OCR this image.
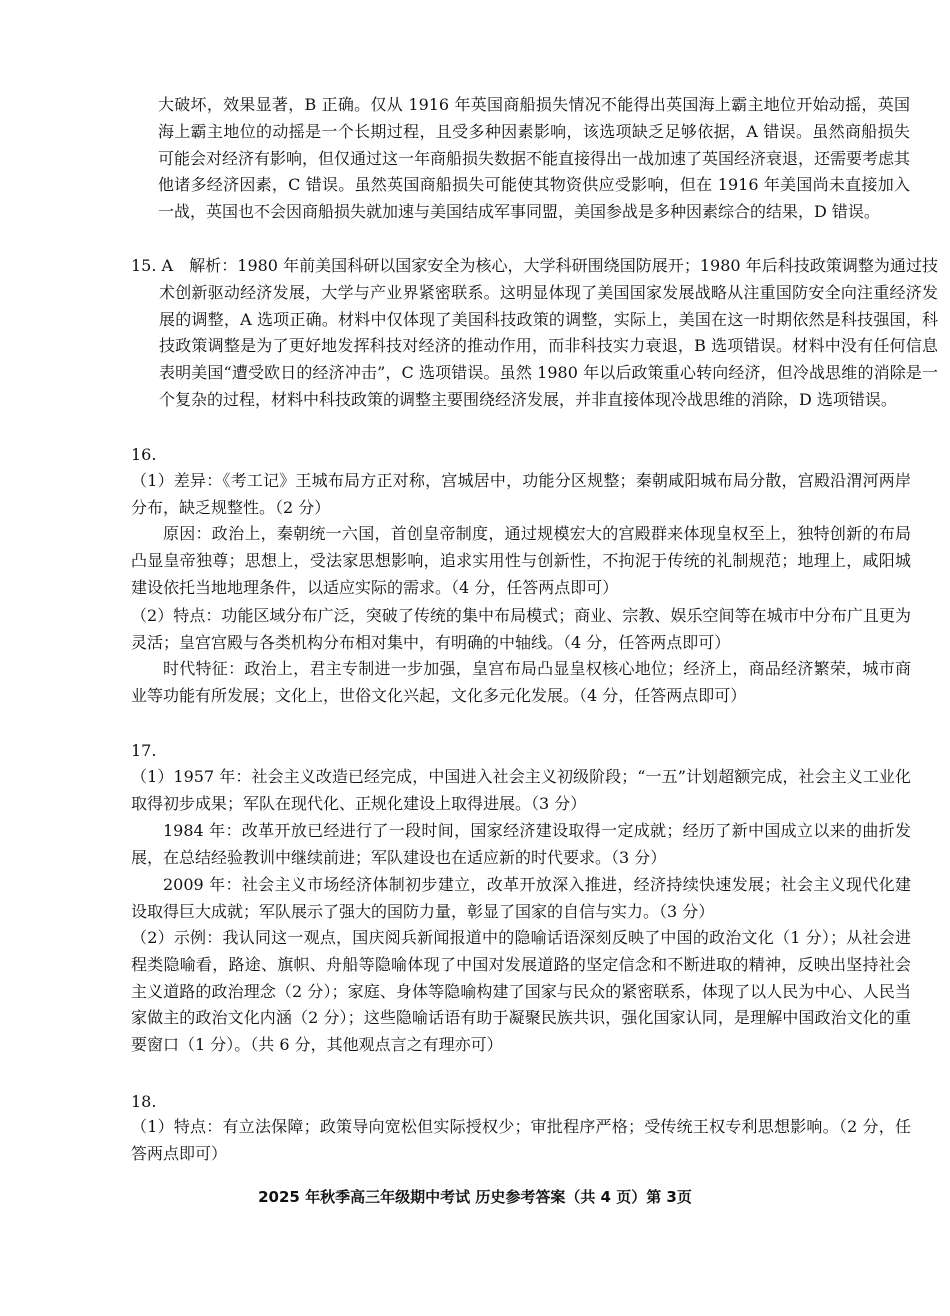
大破坏，效果显著，B 正确。仅从 1916 年英国商船损失情况不能得出英国海上霸主地位开始动摇，英国海上霸主地位的动摇是一个长期过程，且受多种因素影响，该选项缺乏足够依据，A 错误。虽然商船损失可能会对经济有影响，但仅通过这一年商船损失数据不能直接得出一战加速了英国经济衰退，还需要考虑其他诸多经济因素，C 错误。虽然英国商船损失可能使其物资供应受影响，但在 1916 年美国尚未直接加入一战，英国也不会因商船损失就加速与美国结成军事同盟，美国参战是多种因素综合的结果，D 错误。
15. A　解析：1980 年前美国科研以国家安全为核心，大学科研围绕国防展开；1980 年后科技政策调整为通过技术创新驱动经济发展，大学与产业界紧密联系。这明显体现了美国国家发展战略从注重国防安全向注重经济发展的调整，A 选项正确。材料中仅体现了美国科技政策的调整，实际上，美国在这一时期依然是科技强国，科技政策调整是为了更好地发挥科技对经济的推动作用，而非科技实力衰退，B 选项错误。材料中没有任何信息表明美国“遭受欧日的经济冲击”，C 选项错误。虽然 1980 年以后政策重心转向经济，但冷战思维的消除是一个复杂的过程，材料中科技政策的调整主要围绕经济发展，并非直接体现冷战思维的消除，D 选项错误。
16.
（1）差异：《考工记》王城布局方正对称，宫城居中，功能分区规整；秦朝咸阳城布局分散，宫殿沿渭河两岸分布，缺乏规整性。（2 分）
原因：政治上，秦朝统一六国，首创皇帝制度，通过规模宏大的宫殿群来体现皇权至上，独特创新的布局凸显皇帝独尊；思想上，受法家思想影响，追求实用性与创新性，不拘泥于传统的礼制规范；地理上，咸阳城建设依托当地地理条件，以适应实际的需求。（4 分，任答两点即可）
（2）特点：功能区域分布广泛，突破了传统的集中布局模式；商业、宗教、娱乐空间等在城市中分布广且更为灵活；皇宫宫殿与各类机构分布相对集中，有明确的中轴线。（4 分，任答两点即可）
时代特征：政治上，君主专制进一步加强，皇宫布局凸显皇权核心地位；经济上，商品经济繁荣，城市商业等功能有所发展；文化上，世俗文化兴起，文化多元化发展。（4 分，任答两点即可）
17.
（1）1957 年：社会主义改造已经完成，中国进入社会主义初级阶段；“一五”计划超额完成，社会主义工业化取得初步成果；军队在现代化、正规化建设上取得进展。（3 分）
1984 年：改革开放已经进行了一段时间，国家经济建设取得一定成就；经历了新中国成立以来的曲折发展，在总结经验教训中继续前进；军队建设也在适应新的时代要求。（3 分）
2009 年：社会主义市场经济体制初步建立，改革开放深入推进，经济持续快速发展；社会主义现代化建设取得巨大成就；军队展示了强大的国防力量，彰显了国家的自信与实力。（3 分）
（2）示例：我认同这一观点，国庆阅兵新闻报道中的隐喻话语深刻反映了中国的政治文化（1 分）；从社会进程类隐喻看，路途、旗帜、舟船等隐喻体现了中国对发展道路的坚定信念和不断进取的精神，反映出坚持社会主义道路的政治理念（2 分）；家庭、身体等隐喻构建了国家与民众的紧密联系，体现了以人民为中心、人民当家做主的政治文化内涵（2 分）；这些隐喻话语有助于凝聚民族共识，强化国家认同，是理解中国政治文化的重要窗口（1 分）。（共 6 分，其他观点言之有理亦可）
18.
（1）特点：有立法保障；政策导向宽松但实际授权少；审批程序严格；受传统王权专利思想影响。（2 分，任答两点即可）
2025 年秋季高三年级期中考试 历史参考答案（共 4 页）第 3页
